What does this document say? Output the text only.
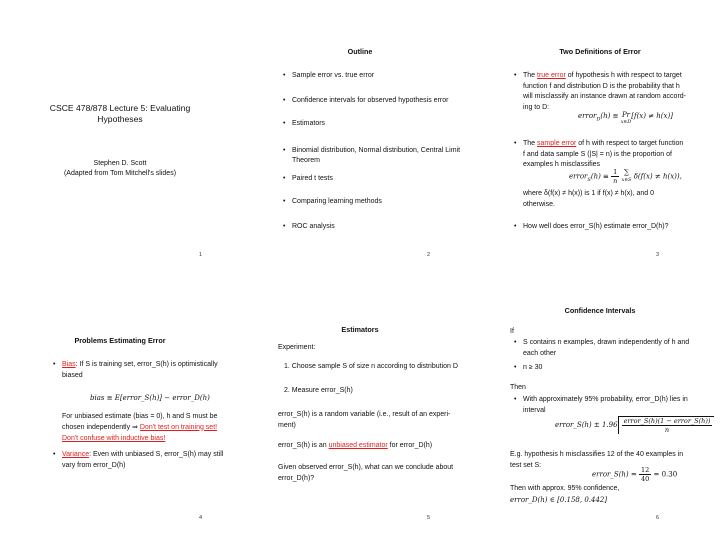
CSCE 478/878 Lecture 5: Evaluating
Hypotheses
Stephen D. Scott
(Adapted from Tom Mitchell's slides)
1
Outline
• Sample error vs. true error
• Confidence intervals for observed hypothesis error
• Estimators
• Binomial distribution, Normal distribution, Central Limit
Theorem
• Paired t tests
• Comparing learning methods
• ROC analysis
2
Two Definitions of Error
• The true error of hypothesis h with respect to target
function f and distribution D is the probability that h
will misclassify an instance drawn at random accord-
ing to D:
error$_D$(h) ≡ Pr
x∈D[f(x) ≠ h(x)]
• The sample error of h with respect to target function
f and data sample S (|S| = n) is the proportion of
examples h misclassifies
error$_S$(h) ≡ $\frac{1}{n}$ ∑
x∈S δ(f(x) ≠ h(x)),
where δ(f(x) ≠ h(x)) is 1 if f(x) ≠ h(x), and 0
otherwise.
• How well does error_S(h) estimate error_D(h)?
3
Problems Estimating Error
• Bias: If S is training set, error_S(h) is optimistically
biased
bias ≡ E[error_S(h)] − error_D(h)
For unbiased estimate (bias = 0), h and S must be
chosen independently ⇒ Don't test on training set!
Don't confuse with inductive bias!
• Variance: Even with unbiased S, error_S(h) may still
vary from error_D(h)
4
Estimators
Experiment:
1. Choose sample S of size n according to distribution D
2. Measure error_S(h)
error_S(h) is a random variable (i.e., result of an experi-
ment)
error_S(h) is an unbiased estimator for error_D(h)
Given observed error_S(h), what can we conclude about
error_D(h)?
5
Confidence Intervals
If
• S contains n examples, drawn independently of h and
each other
• n ≥ 30
Then
• With approximately 95% probability, error_D(h) lies in
interval
error_S(h) ± $1.96 \frac{\text{error\_S(h)(1 − error\_S(h))}}{n}$
E.g. hypothesis h misclassifies 12 of the 40 examples in
test set S:
error_S(h) = $\frac{12}{40} = 0.30$
Then with approx. 95% confidence,
error_D(h) ∈ [0.158, 0.442]
6
